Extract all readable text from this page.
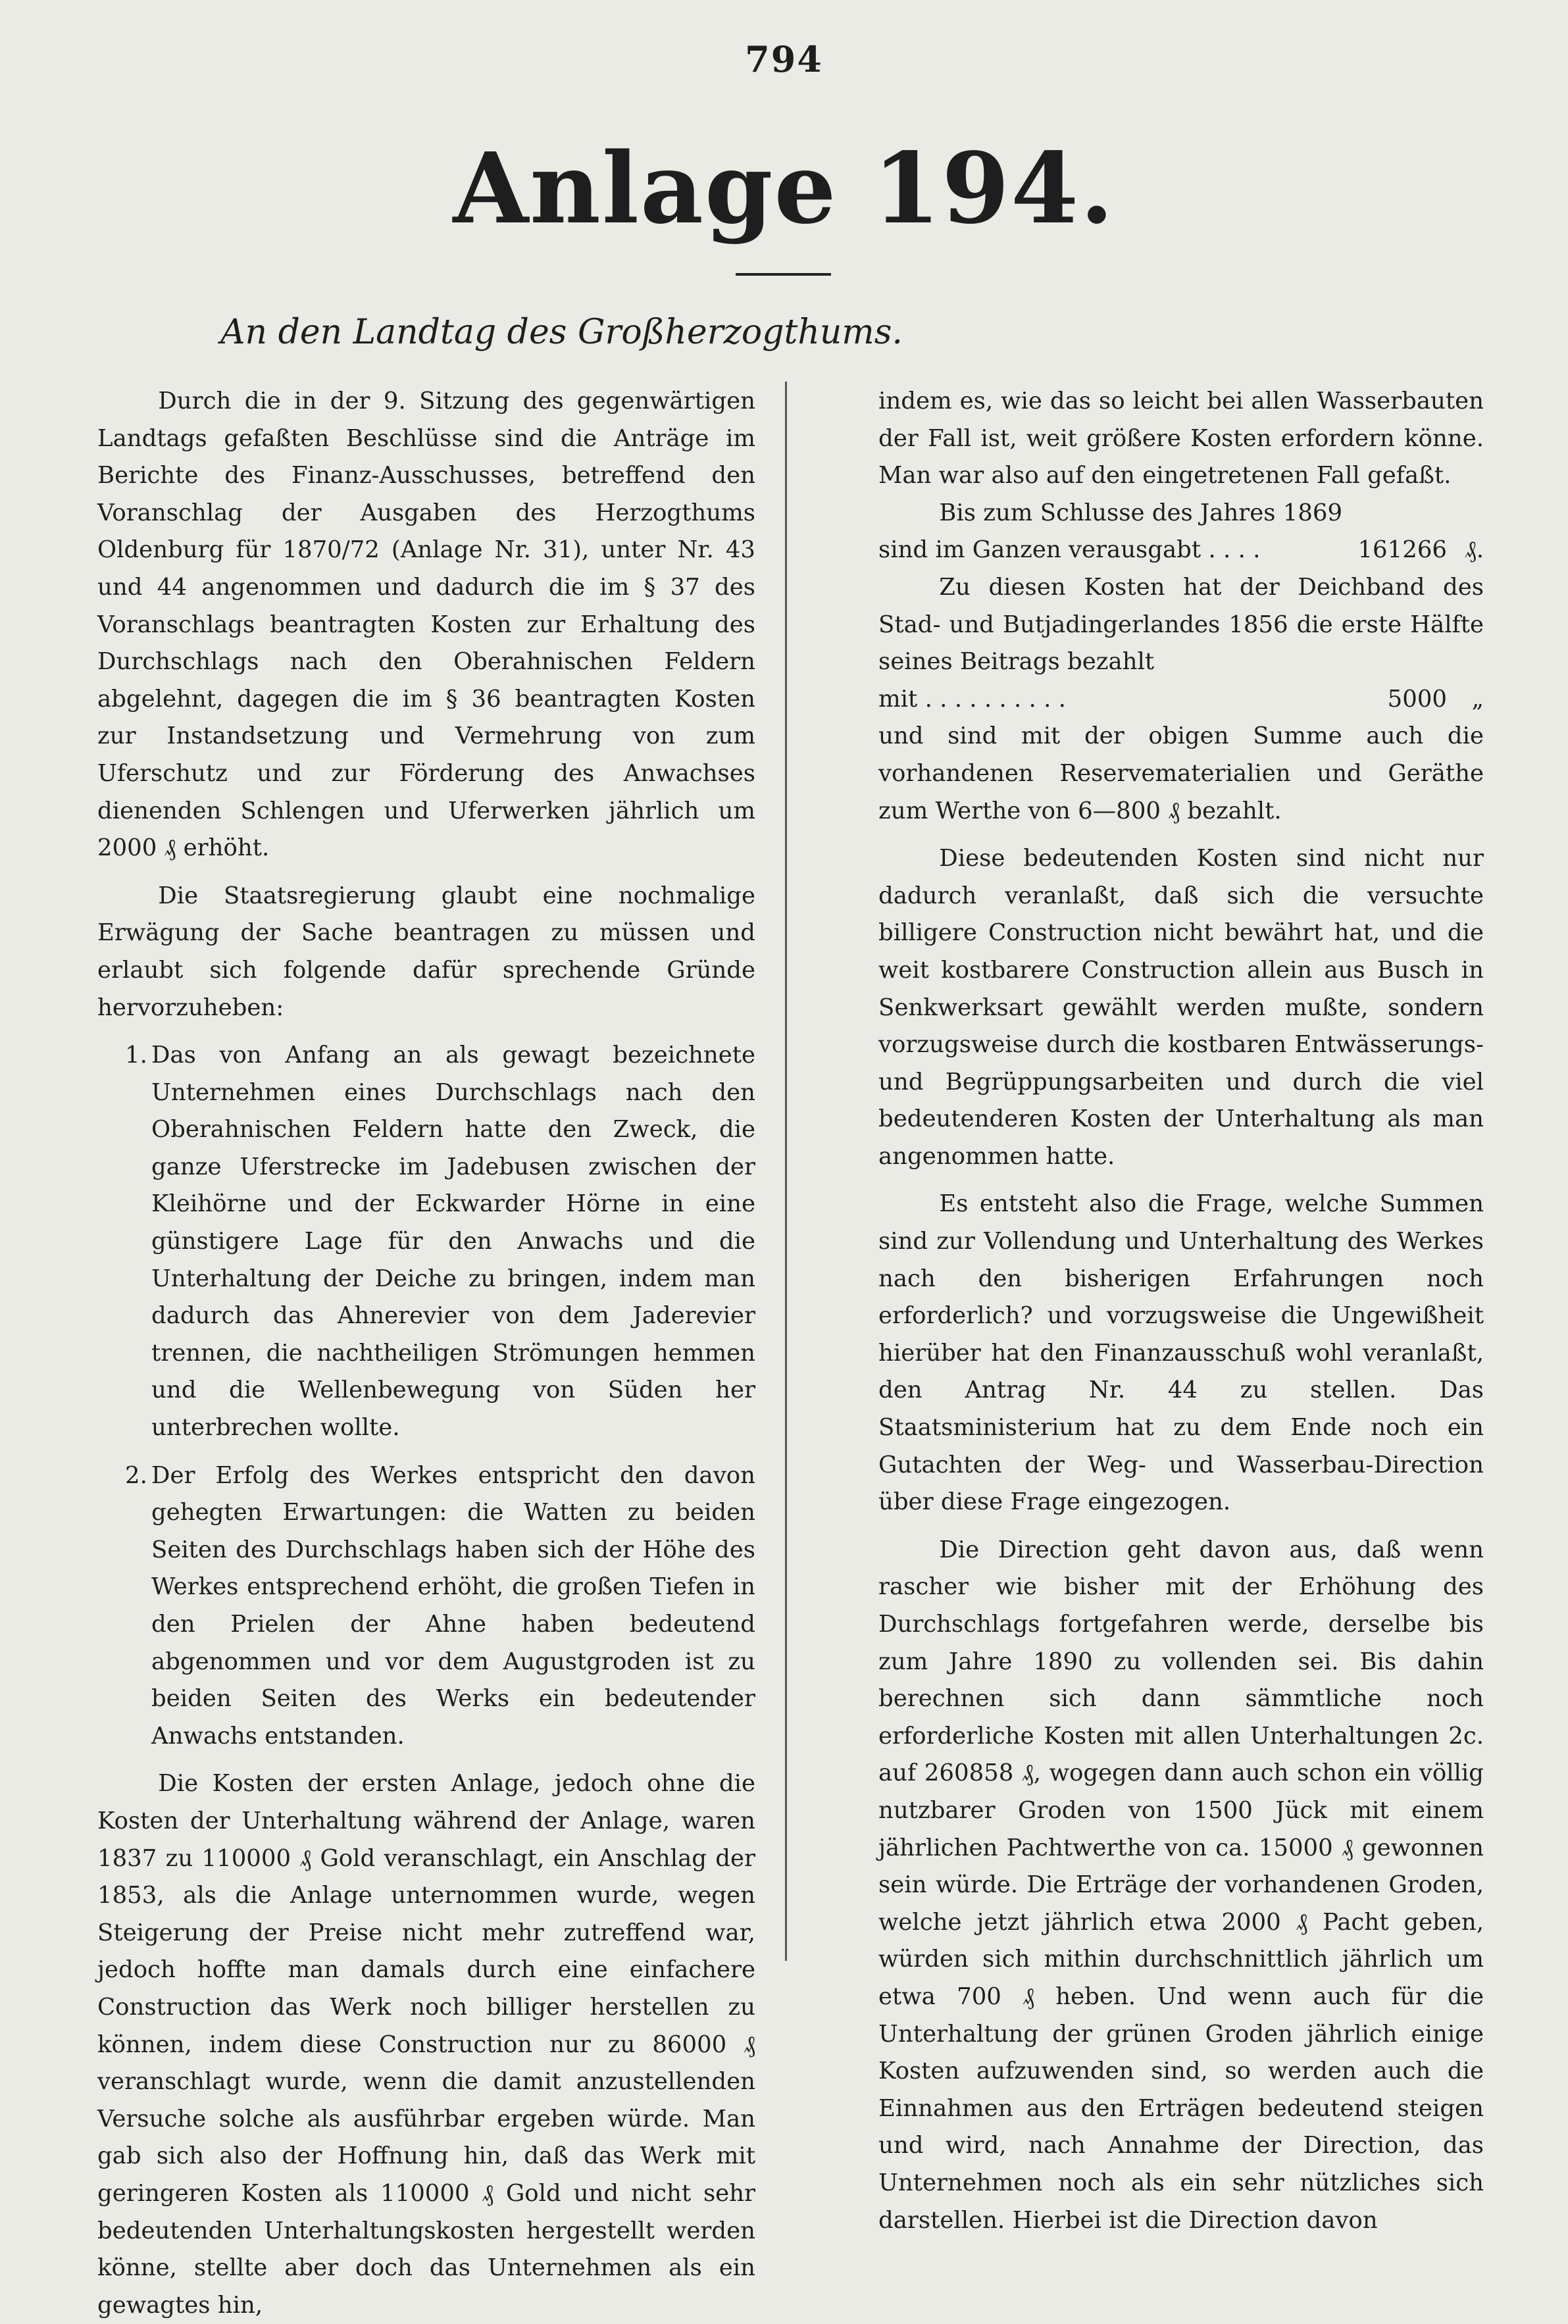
794
Anlage 194.
An den Landtag des Großherzogthums.

Durch die in der 9. Sitzung des gegenwärtigen Landtags gefaßten Beschlüsse sind die Anträge im Berichte des Finanz-Ausschusses, betreffend den Voranschlag der Ausgaben des Herzogthums Oldenburg für 1870/72 (Anlage Nr. 31), unter Nr. 43 und 44 angenommen und dadurch die im § 37 des Voranschlags beantragten Kosten zur Erhaltung des Durchschlags nach den Oberahnischen Feldern abgelehnt, dagegen die im § 36 beantragten Kosten zur Instandsetzung und Vermehrung von zum Uferschutz und zur Förderung des Anwachses dienenden Schlengen und Uferwerken jährlich um 2000 ₰ erhöht.

Die Staatsregierung glaubt eine nochmalige Erwägung der Sache beantragen zu müssen und erlaubt sich folgende dafür sprechende Gründe hervorzuheben:

1. Das von Anfang an als gewagt bezeichnete Unternehmen eines Durchschlags nach den Oberahnischen Feldern hatte den Zweck, die ganze Uferstrecke im Jadebusen zwischen der Kleihörne und der Eckwarder Hörne in eine günstigere Lage für den Anwachs und die Unterhaltung der Deiche zu bringen, indem man dadurch das Ahnerevier von dem Jaderevier trennen, die nachtheiligen Strömungen hemmen und die Wellenbewegung von Süden her unterbrechen wollte.
2. Der Erfolg des Werkes entspricht den davon gehegten Erwartungen: die Watten zu beiden Seiten des Durchschlags haben sich der Höhe des Werkes entsprechend erhöht, die großen Tiefen in den Prielen der Ahne haben bedeutend abgenommen und vor dem Augustgroden ist zu beiden Seiten des Werks ein bedeutender Anwachs entstanden.

Die Kosten der ersten Anlage, jedoch ohne die Kosten der Unterhaltung während der Anlage, waren 1837 zu 110000 ₰ Gold veranschlagt, ein Anschlag der 1853, als die Anlage unternommen wurde, wegen Steigerung der Preise nicht mehr zutreffend war, jedoch hoffte man damals durch eine einfachere Construction das Werk noch billiger herstellen zu können, indem diese Construction nur zu 86000 ₰ veranschlagt wurde, wenn die damit anzustellenden Versuche solche als ausführbar ergeben würde. Man gab sich also der Hoffnung hin, daß das Werk mit geringeren Kosten als 110000 ₰ Gold und nicht sehr bedeutenden Unterhaltungskosten hergestellt werden könne, stellte aber doch das Unternehmen als ein gewagtes hin,

indem es, wie das so leicht bei allen Wasserbauten der Fall ist, weit größere Kosten erfordern könne. Man war also auf den eingetretenen Fall gefaßt.

Bis zum Schlusse des Jahres 1869

sind im Ganzen verausgabt . . . .	161266 ₰.

Zu diesen Kosten hat der Deichband des Stad- und Butjadingerlandes 1856 die erste Hälfte seines Beitrags bezahlt

mit . . . . . . . . . .	5000	„

und sind mit der obigen Summe auch die vorhandenen Reservematerialien und Geräthe zum Werthe von 6—800 ₰ bezahlt.

Diese bedeutenden Kosten sind nicht nur dadurch veranlaßt, daß sich die versuchte billigere Construction nicht bewährt hat, und die weit kostbarere Construction allein aus Busch in Senkwerksart gewählt werden mußte, sondern vorzugsweise durch die kostbaren Entwässerungs- und Begrüppungsarbeiten und durch die viel bedeutenderen Kosten der Unterhaltung als man angenommen hatte.

Es entsteht also die Frage, welche Summen sind zur Vollendung und Unterhaltung des Werkes nach den bisherigen Erfahrungen noch erforderlich? und vorzugsweise die Ungewißheit hierüber hat den Finanzausschuß wohl veranlaßt, den Antrag Nr. 44 zu stellen. Das Staatsministerium hat zu dem Ende noch ein Gutachten der Weg- und Wasserbau-Direction über diese Frage eingezogen.

Die Direction geht davon aus, daß wenn rascher wie bisher mit der Erhöhung des Durchschlags fortgefahren werde, derselbe bis zum Jahre 1890 zu vollenden sei. Bis dahin berechnen sich dann sämmtliche noch erforderliche Kosten mit allen Unterhaltungen 2c. auf 260858 ₰, wogegen dann auch schon ein völlig nutzbarer Groden von 1500 Jück mit einem jährlichen Pachtwerthe von ca. 15000 ₰ gewonnen sein würde. Die Erträge der vorhandenen Groden, welche jetzt jährlich etwa 2000 ₰ Pacht geben, würden sich mithin durchschnittlich jährlich um etwa 700 ₰ heben. Und wenn auch für die Unterhaltung der grünen Groden jährlich einige Kosten aufzuwenden sind, so werden auch die Einnahmen aus den Erträgen bedeutend steigen und wird, nach Annahme der Direction, das Unternehmen noch als ein sehr nützliches sich darstellen. Hierbei ist die Direction davon
